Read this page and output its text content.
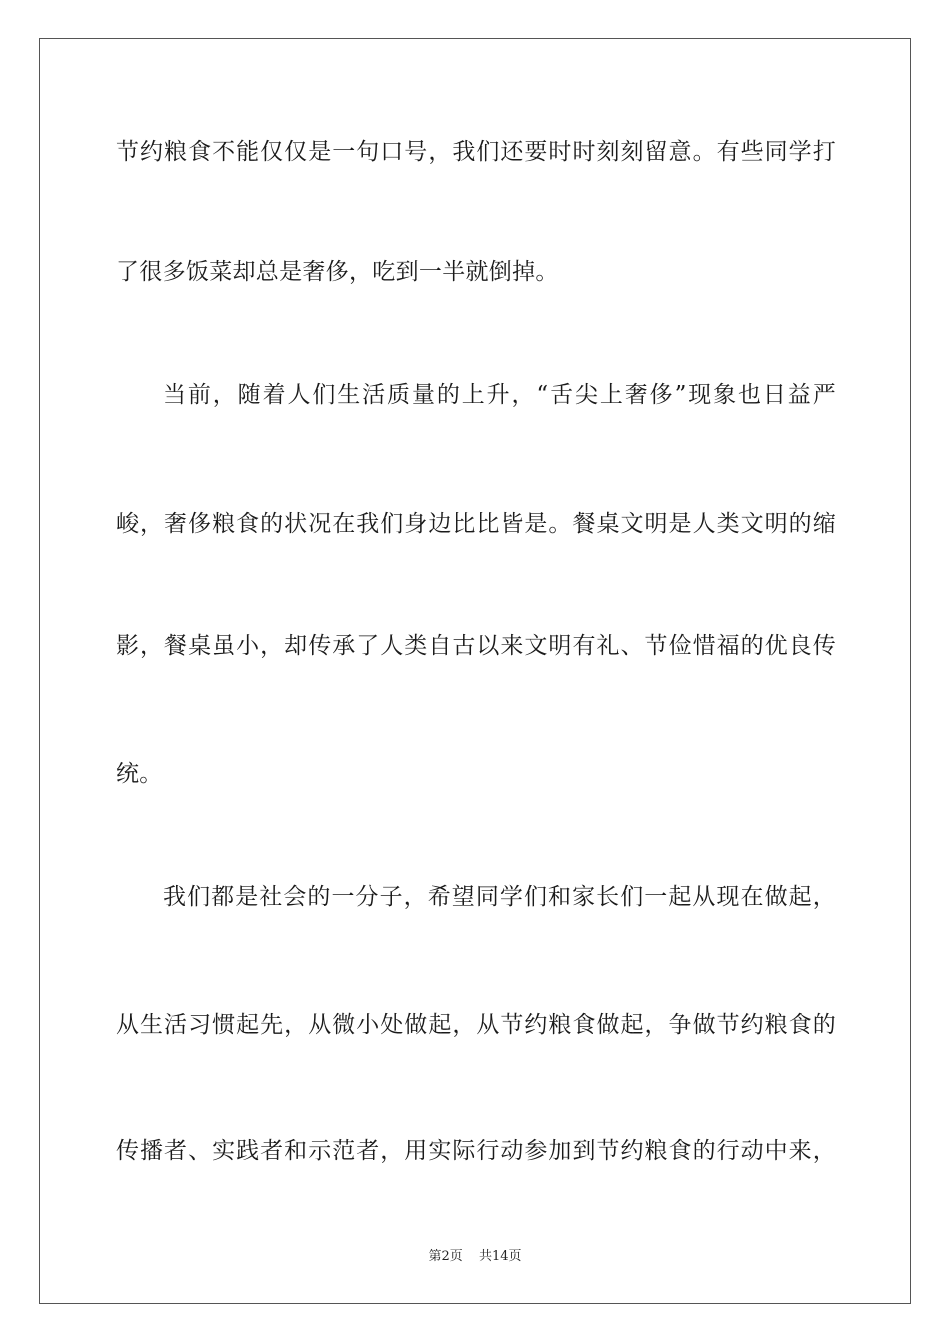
节约粮食不能仅仅是一句口号，我们还要时时刻刻留意。有些同学打
了很多饭菜却总是奢侈，吃到一半就倒掉。
当前，随着人们生活质量的上升，“舌尖上奢侈”现象也日益严
峻，奢侈粮食的状况在我们身边比比皆是。餐桌文明是人类文明的缩
影，餐桌虽小，却传承了人类自古以来文明有礼、节俭惜福的优良传
统。
我们都是社会的一分子，希望同学们和家长们一起从现在做起，
从生活习惯起先，从微小处做起，从节约粮食做起，争做节约粮食的
传播者、实践者和示范者，用实际行动参加到节约粮食的行动中来，
第2页 共14页
